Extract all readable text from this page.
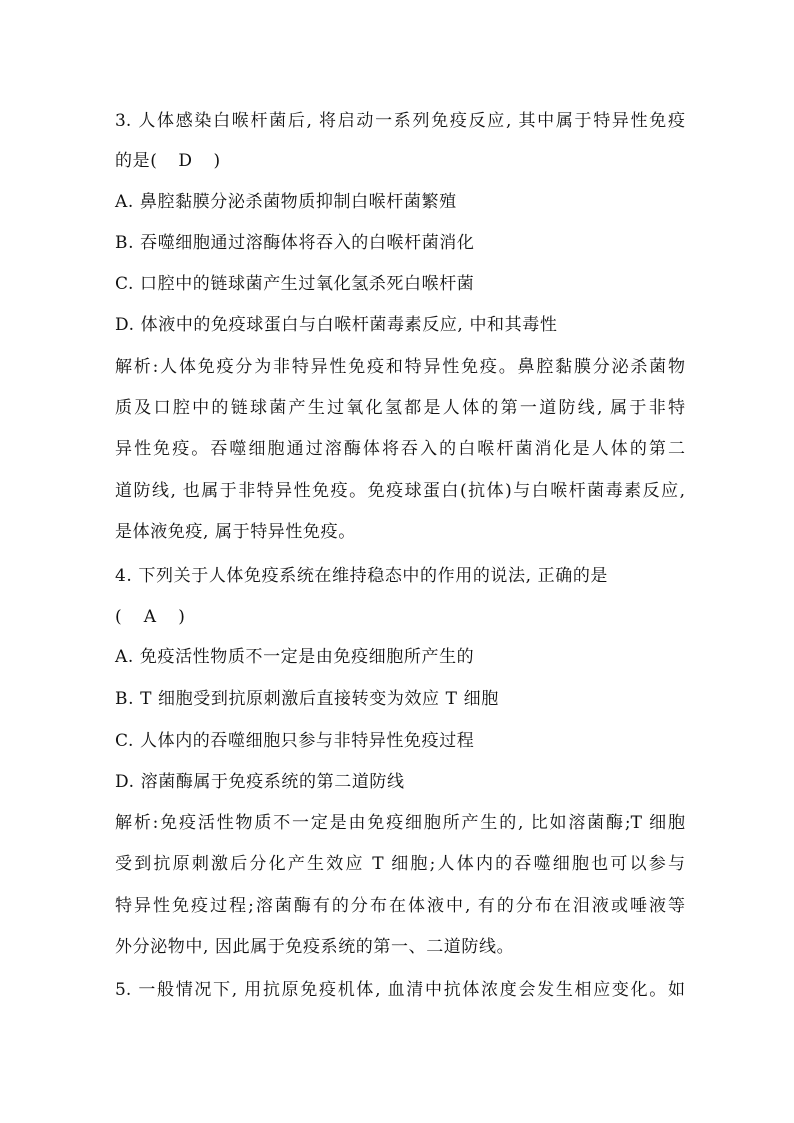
3. 人体感染白喉杆菌后, 将启动一系列免疫反应, 其中属于特异性免疫
的是( D )
A. 鼻腔黏膜分泌杀菌物质抑制白喉杆菌繁殖
B. 吞噬细胞通过溶酶体将吞入的白喉杆菌消化
C. 口腔中的链球菌产生过氧化氢杀死白喉杆菌
D. 体液中的免疫球蛋白与白喉杆菌毒素反应, 中和其毒性
解析:人体免疫分为非特异性免疫和特异性免疫。鼻腔黏膜分泌杀菌物
质及口腔中的链球菌产生过氧化氢都是人体的第一道防线, 属于非特
异性免疫。吞噬细胞通过溶酶体将吞入的白喉杆菌消化是人体的第二
道防线, 也属于非特异性免疫。免疫球蛋白(抗体)与白喉杆菌毒素反应,
是体液免疫, 属于特异性免疫。
4. 下列关于人体免疫系统在维持稳态中的作用的说法, 正确的是
( A )
A. 免疫活性物质不一定是由免疫细胞所产生的
B. T 细胞受到抗原刺激后直接转变为效应 T 细胞
C. 人体内的吞噬细胞只参与非特异性免疫过程
D. 溶菌酶属于免疫系统的第二道防线
解析:免疫活性物质不一定是由免疫细胞所产生的, 比如溶菌酶;T 细胞
受到抗原刺激后分化产生效应 T 细胞;人体内的吞噬细胞也可以参与
特异性免疫过程;溶菌酶有的分布在体液中, 有的分布在泪液或唾液等
外分泌物中, 因此属于免疫系统的第一、二道防线。
5. 一般情况下, 用抗原免疫机体, 血清中抗体浓度会发生相应变化。如
